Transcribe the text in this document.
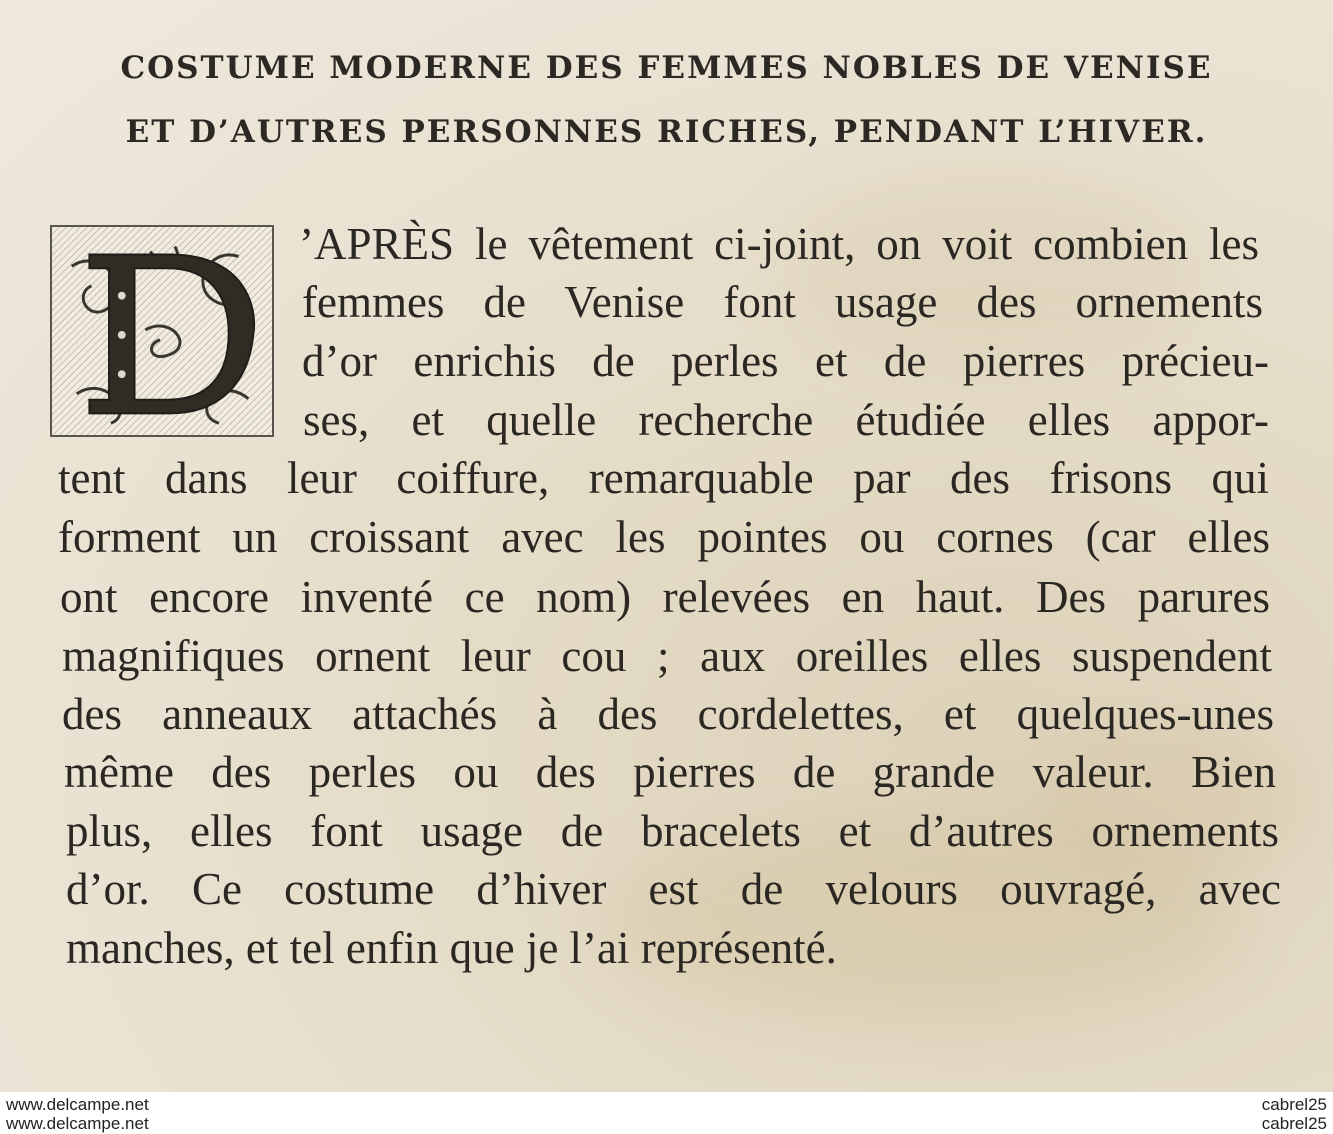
COSTUME MODERNE DES FEMMES NOBLES DE VENISE
ET D’AUTRES PERSONNES RICHES, PENDANT L’HIVER.
’APRÈS le vêtement ci-joint, on voit combien les
femmes de Venise font usage des ornements
d’or enrichis de perles et de pierres précieu-
ses, et quelle recherche étudiée elles appor-
tent dans leur coiffure, remarquable par des frisons qui
forment un croissant avec les pointes ou cornes (car elles
ont encore inventé ce nom) relevées en haut. Des parures
magnifiques ornent leur cou ; aux oreilles elles suspendent
des anneaux attachés à des cordelettes, et quelques-unes
même des perles ou des pierres de grande valeur. Bien
plus, elles font usage de bracelets et d’autres ornements
d’or. Ce costume d’hiver est de velours ouvragé, avec
manches, et tel enfin que je l’ai représenté.
www.delcampe.net
www.delcampe.net
cabrel25
cabrel25
